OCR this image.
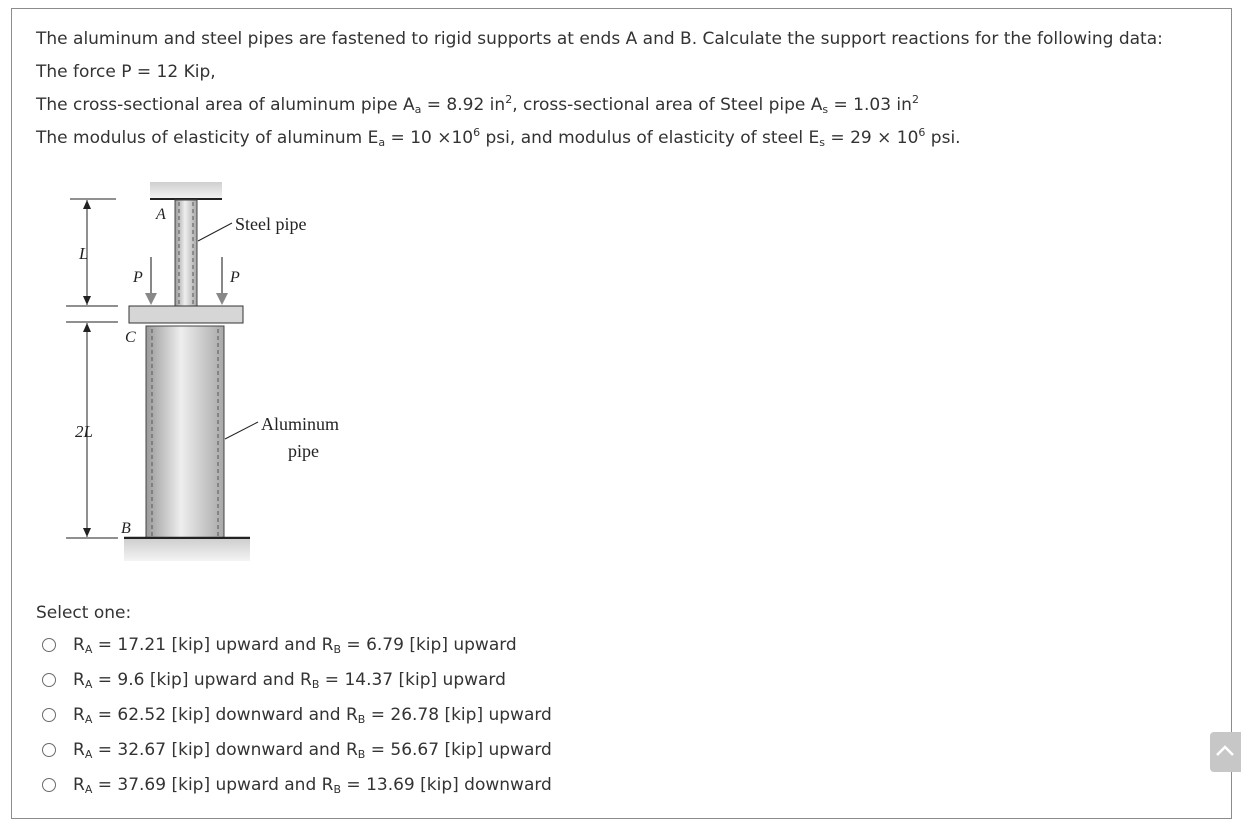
The aluminum and steel pipes are fastened to rigid supports at ends A and B. Calculate the support reactions for the following data:

The force P = 12 Kip,

The cross-sectional area of aluminum pipe $A_a = 8.92$ $in^2$, cross-sectional area of Steel pipe $A_s = 1.03$ $in^2$

The modulus of elasticity of aluminum $E_a = 10 \times 10^6$ psi, and modulus of elasticity of steel $E_s = 29 \times 10^6$ psi.

L
2L
A
C
B
P	P
Steel pipe
Aluminum
pipe
Select one:
$R_A = 17.21$ [kip] upward and $R_B = 6.79$ [kip] upward
$R_A = 9.6$ [kip] upward and $R_B = 14.37$ [kip] upward
$R_A = 62.52$ [kip] downward and $R_B = 26.78$ [kip] upward
$R_A = 32.67$ [kip] downward and $R_B = 56.67$ [kip] upward
$R_A = 37.69$ [kip] upward and $R_B = 13.69$ [kip] downward
